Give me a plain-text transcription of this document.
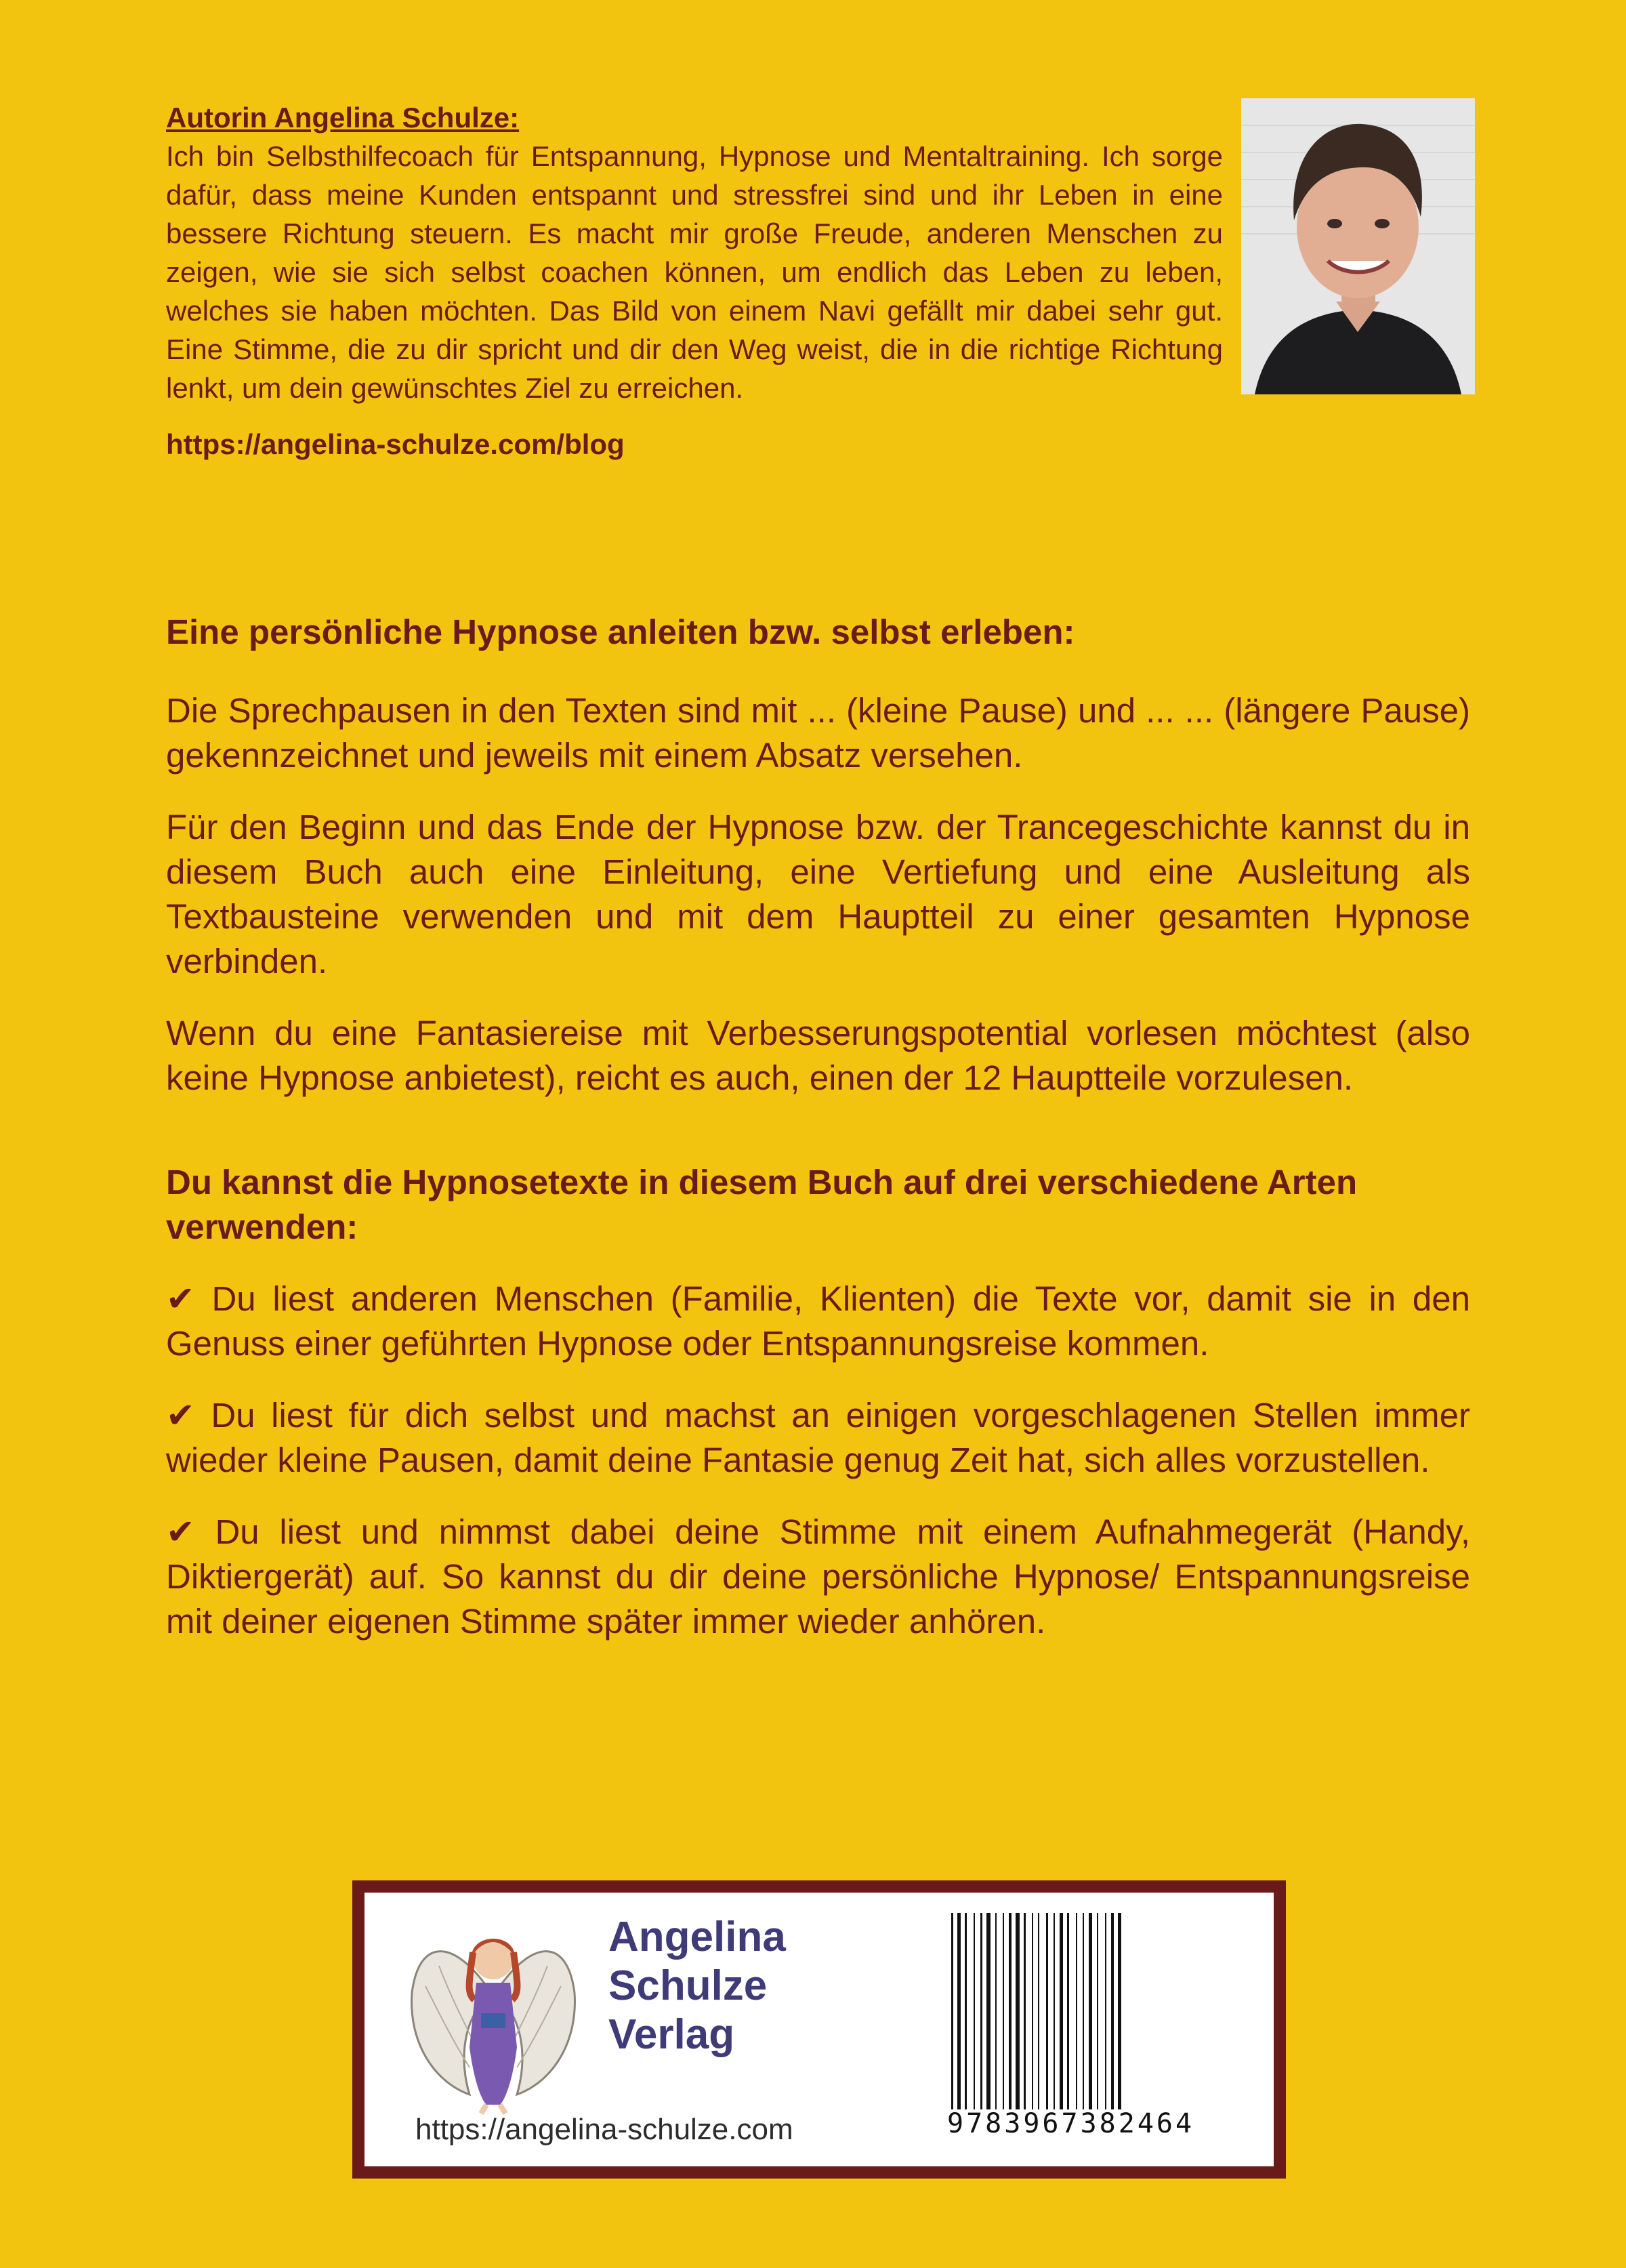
Autorin Angelina Schulze:

Ich bin Selbsthilfecoach für Entspannung, Hypnose und Mentaltraining. Ich sorge dafür, dass meine Kunden entspannt und stressfrei sind und ihr Leben in eine bessere Richtung steuern. Es macht mir große Freude, anderen Menschen zu zeigen, wie sie sich selbst coachen können, um endlich das Leben zu leben, welches sie haben möchten. Das Bild von einem Navi gefällt mir dabei sehr gut. Eine Stimme, die zu dir spricht und dir den Weg weist, die in die richtige Richtung lenkt, um dein gewünschtes Ziel zu erreichen.

https://angelina-schulze.com/blog
Eine persönliche Hypnose anleiten bzw. selbst erleben:

Die Sprechpausen in den Texten sind mit ... (kleine Pause) und ... ... (längere Pause) gekennzeichnet und jeweils mit einem Absatz versehen.

Für den Beginn und das Ende der Hypnose bzw. der Trancegeschichte kannst du in diesem Buch auch eine Einleitung, eine Vertiefung und eine Ausleitung als Textbausteine verwenden und mit dem Hauptteil zu einer gesamten Hypnose verbinden.

Wenn du eine Fantasiereise mit Verbesserungspotential vorlesen möchtest (also keine Hypnose anbietest), reicht es auch, einen der 12 Hauptteile vorzulesen.

Du kannst die Hypnosetexte in diesem Buch auf drei verschiedene Arten verwenden:

✔ Du liest anderen Menschen (Familie, Klienten) die Texte vor, damit sie in den Genuss einer geführten Hypnose oder Entspannungsreise kommen.

✔ Du liest für dich selbst und machst an einigen vorgeschlagenen Stellen immer wieder kleine Pausen, damit deine Fantasie genug Zeit hat, sich alles vorzustellen.

✔ Du liest und nimmst dabei deine Stimme mit einem Aufnahmegerät (Handy, Diktiergerät) auf. So kannst du dir deine persönliche Hypnose/ Entspannungsreise mit deiner eigenen Stimme später immer wieder anhören.

Angelina
Schulze
Verlag
https://angelina-schulze.com	9783967382464
